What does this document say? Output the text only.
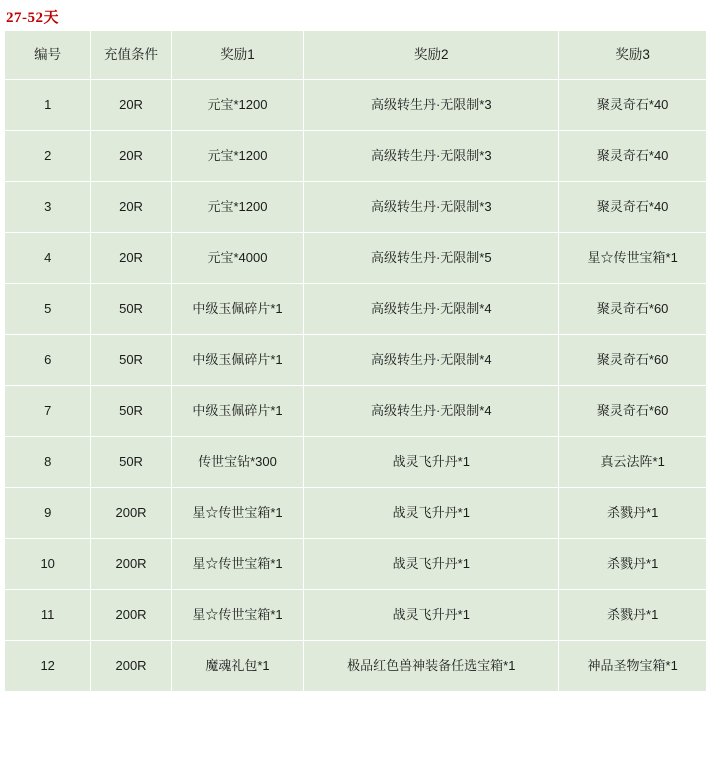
27-52天
编号	充值条件	奖励1	奖励2	奖励3

1	20R	元宝*1200	高级转生丹·无限制*3	聚灵奇石*40

2	20R	元宝*1200	高级转生丹·无限制*3	聚灵奇石*40

3	20R	元宝*1200	高级转生丹·无限制*3	聚灵奇石*40

4	20R	元宝*4000	高级转生丹·无限制*5	星☆传世宝箱*1

5	50R	中级玉佩碎片*1	高级转生丹·无限制*4	聚灵奇石*60

6	50R	中级玉佩碎片*1	高级转生丹·无限制*4	聚灵奇石*60

7	50R	中级玉佩碎片*1	高级转生丹·无限制*4	聚灵奇石*60

8	50R	传世宝钻*300	战灵飞升丹*1	真云法阵*1

9	200R	星☆传世宝箱*1	战灵飞升丹*1	杀戮丹*1

10	200R	星☆传世宝箱*1	战灵飞升丹*1	杀戮丹*1

11	200R	星☆传世宝箱*1	战灵飞升丹*1	杀戮丹*1

12	200R	魔魂礼包*1	极品红色兽神装备任选宝箱*1	神品圣物宝箱*1
